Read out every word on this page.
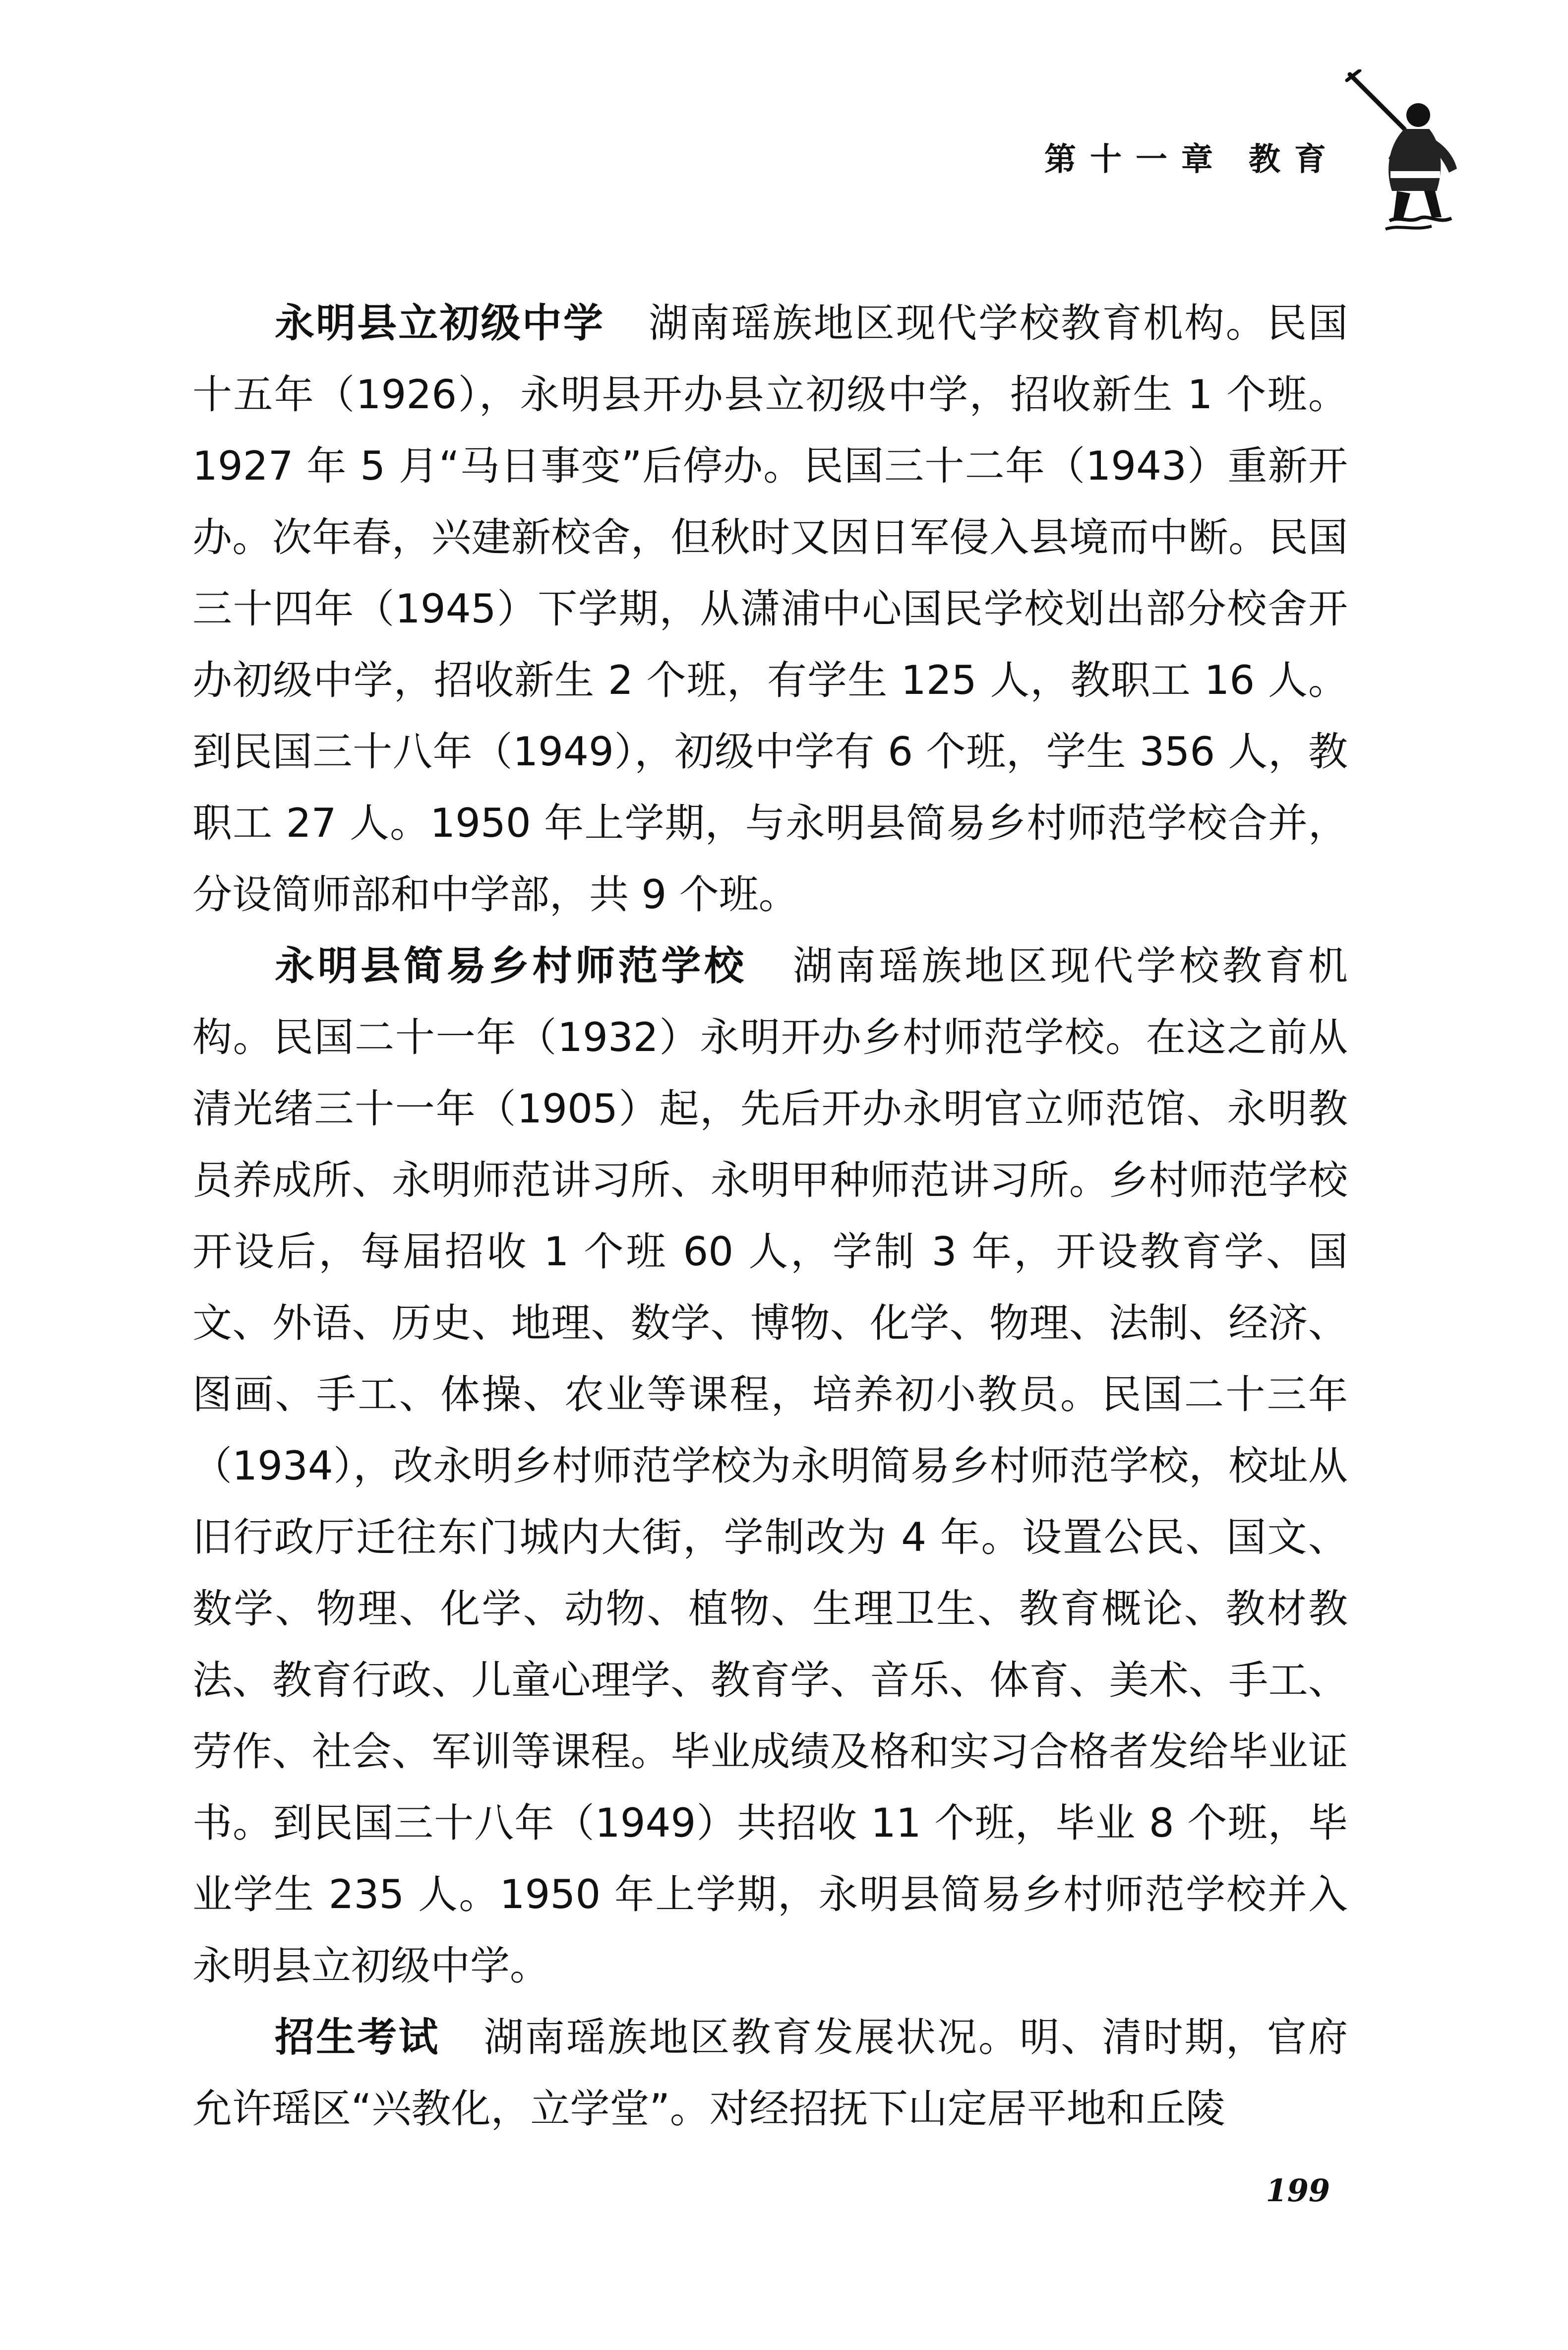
第十一章 教育

永明县立初级中学 湖南瑶族地区现代学校教育机构。民国十五年（1926），永明县开办县立初级中学，招收新生 1 个班。1927 年 5 月“马日事变”后停办。民国三十二年（1943）重新开办。次年春，兴建新校舍，但秋时又因日军侵入县境而中断。民国三十四年（1945）下学期，从潇浦中心国民学校划出部分校舍开办初级中学，招收新生 2 个班，有学生 125 人，教职工 16 人。到民国三十八年（1949），初级中学有 6 个班，学生 356 人，教职工 27 人。1950 年上学期，与永明县简易乡村师范学校合并，分设简师部和中学部，共 9 个班。

永明县简易乡村师范学校 湖南瑶族地区现代学校教育机构。民国二十一年（1932）永明开办乡村师范学校。在这之前从清光绪三十一年（1905）起，先后开办永明官立师范馆、永明教员养成所、永明师范讲习所、永明甲种师范讲习所。乡村师范学校开设后，每届招收 1 个班 60 人，学制 3 年，开设教育学、国文、外语、历史、地理、数学、博物、化学、物理、法制、经济、图画、手工、体操、农业等课程，培养初小教员。民国二十三年（1934），改永明乡村师范学校为永明简易乡村师范学校，校址从旧行政厅迁往东门城内大街，学制改为 4 年。设置公民、国文、数学、物理、化学、动物、植物、生理卫生、教育概论、教材教法、教育行政、儿童心理学、教育学、音乐、体育、美术、手工、劳作、社会、军训等课程。毕业成绩及格和实习合格者发给毕业证书。到民国三十八年（1949）共招收 11 个班，毕业 8 个班，毕业学生 235 人。1950 年上学期，永明县简易乡村师范学校并入永明县立初级中学。

招生考试 湖南瑶族地区教育发展状况。明、清时期，官府允许瑶区“兴教化，立学堂”。对经招抚下山定居平地和丘陵

199
